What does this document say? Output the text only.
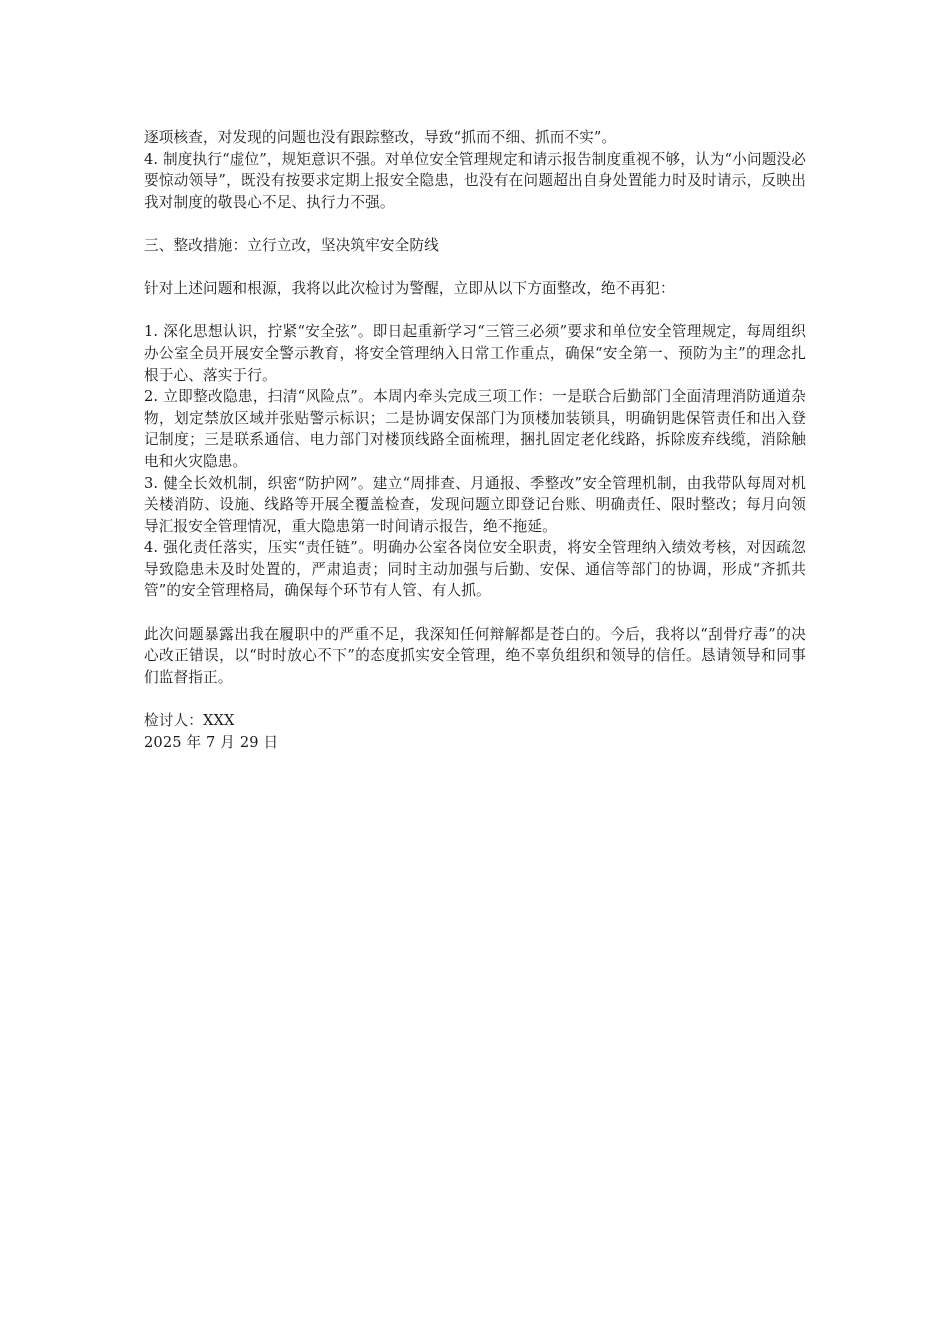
逐项核查，对发现的问题也没有跟踪整改，导致“抓而不细、抓而不实”。

4. 制度执行“虚位”，规矩意识不强。对单位安全管理规定和请示报告制度重视不够，认为“小问题没必要惊动领导”，既没有按要求定期上报安全隐患，也没有在问题超出自身处置能力时及时请示，反映出我对制度的敬畏心不足、执行力不强。

三、整改措施：立行立改，坚决筑牢安全防线

针对上述问题和根源，我将以此次检讨为警醒，立即从以下方面整改，绝不再犯：

1. 深化思想认识，拧紧“安全弦”。即日起重新学习“三管三必须”要求和单位安全管理规定，每周组织办公室全员开展安全警示教育，将安全管理纳入日常工作重点，确保“安全第一、预防为主”的理念扎根于心、落实于行。

2. 立即整改隐患，扫清“风险点”。本周内牵头完成三项工作：一是联合后勤部门全面清理消防通道杂物，划定禁放区域并张贴警示标识；二是协调安保部门为顶楼加装锁具，明确钥匙保管责任和出入登记制度；三是联系通信、电力部门对楼顶线路全面梳理，捆扎固定老化线路，拆除废弃线缆，消除触电和火灾隐患。

3. 健全长效机制，织密“防护网”。建立“周排查、月通报、季整改”安全管理机制，由我带队每周对机关楼消防、设施、线路等开展全覆盖检查，发现问题立即登记台账、明确责任、限时整改；每月向领导汇报安全管理情况，重大隐患第一时间请示报告，绝不拖延。

4. 强化责任落实，压实“责任链”。明确办公室各岗位安全职责，将安全管理纳入绩效考核，对因疏忽导致隐患未及时处置的，严肃追责；同时主动加强与后勤、安保、通信等部门的协调，形成“齐抓共管”的安全管理格局，确保每个环节有人管、有人抓。

此次问题暴露出我在履职中的严重不足，我深知任何辩解都是苍白的。今后，我将以“刮骨疗毒”的决心改正错误，以“时时放心不下”的态度抓实安全管理，绝不辜负组织和领导的信任。恳请领导和同事们监督指正。

检讨人：XXX

2025 年 7 月 29 日
